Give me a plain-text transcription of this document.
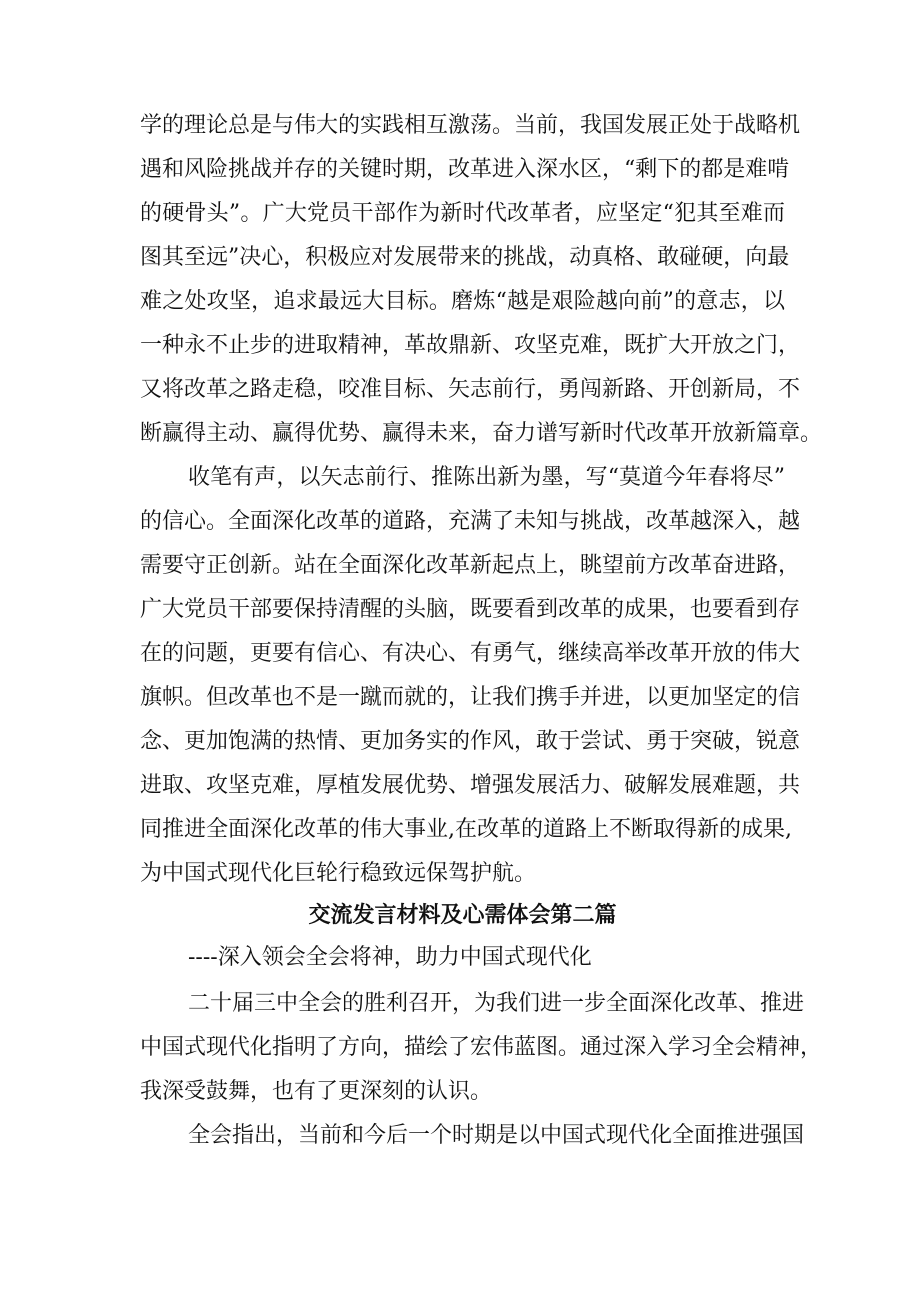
学的理论总是与伟大的实践相互激荡。当前，我国发展正处于战略机
遇和风险挑战并存的关键时期，改革进入深水区，“剩下的都是难啃
的硬骨头”。广大党员干部作为新时代改革者，应坚定“犯其至难而
图其至远”决心，积极应对发展带来的挑战，动真格、敢碰硬，向最
难之处攻坚，追求最远大目标。磨炼“越是艰险越向前”的意志，以
一种永不止步的进取精神，革故鼎新、攻坚克难，既扩大开放之门，
又将改革之路走稳，咬准目标、矢志前行，勇闯新路、开创新局，不
断赢得主动、赢得优势、赢得未来，奋力谱写新时代改革开放新篇章。
收笔有声，以矢志前行、推陈出新为墨，写“莫道今年春将尽”
的信心。全面深化改革的道路，充满了未知与挑战，改革越深入，越
需要守正创新。站在全面深化改革新起点上，眺望前方改革奋进路，
广大党员干部要保持清醒的头脑，既要看到改革的成果，也要看到存
在的问题，更要有信心、有决心、有勇气，继续高举改革开放的伟大
旗帜。但改革也不是一蹴而就的，让我们携手并进，以更加坚定的信
念、更加饱满的热情、更加务实的作风，敢于尝试、勇于突破，锐意
进取、攻坚克难，厚植发展优势、增强发展活力、破解发展难题，共
同推进全面深化改革的伟大事业,在改革的道路上不断取得新的成果,
为中国式现代化巨轮行稳致远保驾护航。
交流发言材料及心需体会第二篇
----深入领会全会将神，助力中国式现代化
二十届三中全会的胜利召开，为我们进一步全面深化改革、推进
中国式现代化指明了方向，描绘了宏伟蓝图。通过深入学习全会精神，
我深受鼓舞，也有了更深刻的认识。
全会指出，当前和今后一个时期是以中国式现代化全面推进强国
